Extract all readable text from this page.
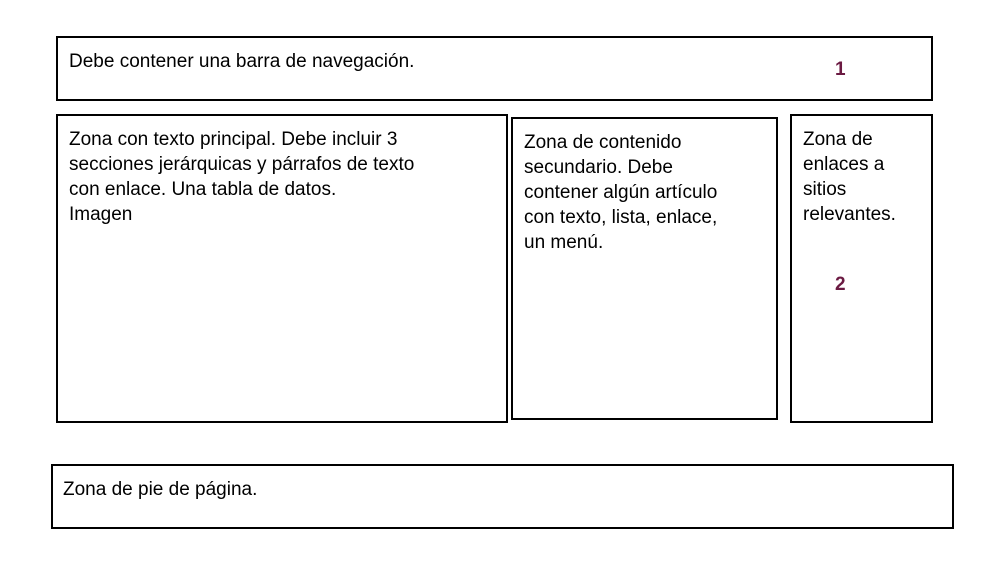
Debe contener una barra de navegación.	1

Zona con texto principal. Debe incluir 3
secciones jerárquicas y párrafos de texto
con enlace. Una tabla de datos.
Imagen

Zona de contenido
secundario. Debe
contener algún artículo
con texto, lista, enlace,
un menú.

Zona de
enlaces a
sitios
relevantes.

2

Zona de pie de página.
